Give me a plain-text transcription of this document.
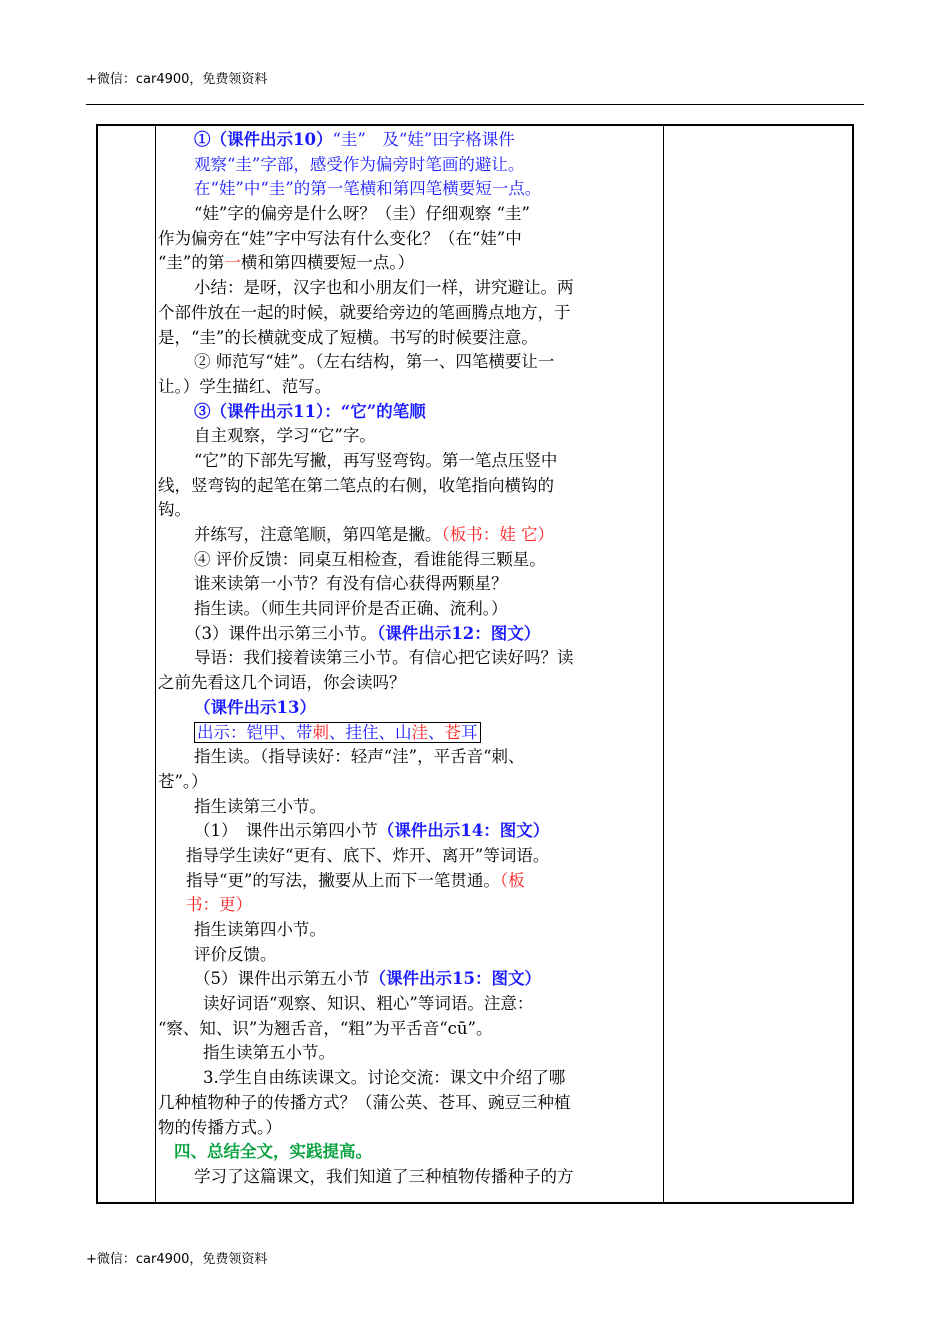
+微信：car4900，免费领资料
①（课件出示10）“圭”　及“娃”田字格课件
观察“圭”字部，感受作为偏旁时笔画的避让。
在“娃”中“圭”的第一笔横和第四笔横要短一点。
“娃”字的偏旁是什么呀？（圭）仔细观察 “圭”
作为偏旁在“娃”字中写法有什么变化？（在“娃”中
“圭”的第一横和第四横要短一点。）
小结：是呀，汉字也和小朋友们一样，讲究避让。两
个部件放在一起的时候，就要给旁边的笔画腾点地方，于
是，“圭”的长横就变成了短横。书写的时候要注意。
② 师范写“娃”。（左右结构，第一、四笔横要让一
让。）学生描红、范写。
③（课件出示11）：“它”的笔顺
自主观察，学习“它”字。
“它”的下部先写撇，再写竖弯钩。第一笔点压竖中
线，竖弯钩的起笔在第二笔点的右侧，收笔指向横钩的
钩。
并练写，注意笔顺，第四笔是撇。（板书：娃 它）
④ 评价反馈：同桌互相检查，看谁能得三颗星。
谁来读第一小节？有没有信心获得两颗星？
指生读。（师生共同评价是否正确、流利。）
（3）课件出示第三小节。（课件出示12：图文）
导语：我们接着读第三小节。有信心把它读好吗？读
之前先看这几个词语，你会读吗？
（课件出示13）
出示：铠甲、带刺、挂住、山洼、苍耳
指生读。（指导读好：轻声“洼”，平舌音“刺、
苍”。）
指生读第三小节。
（1）　课件出示第四小节（课件出示14：图文）
指导学生读好“更有、底下、炸开、离开”等词语。
指导“更”的写法，撇要从上而下一笔贯通。（板
书：更）
指生读第四小节。
评价反馈。
（5）课件出示第五小节（课件出示15：图文）
读好词语“观察、知识、粗心”等词语。注意：
“察、知、识”为翘舌音，“粗”为平舌音“cū”。
指生读第五小节。
3.学生自由练读课文。讨论交流：课文中介绍了哪
几种植物种子的传播方式？（蒲公英、苍耳、豌豆三种植
物的传播方式。）
四、总结全文，实践提高。
学习了这篇课文，我们知道了三种植物传播种子的方
+微信：car4900，免费领资料
